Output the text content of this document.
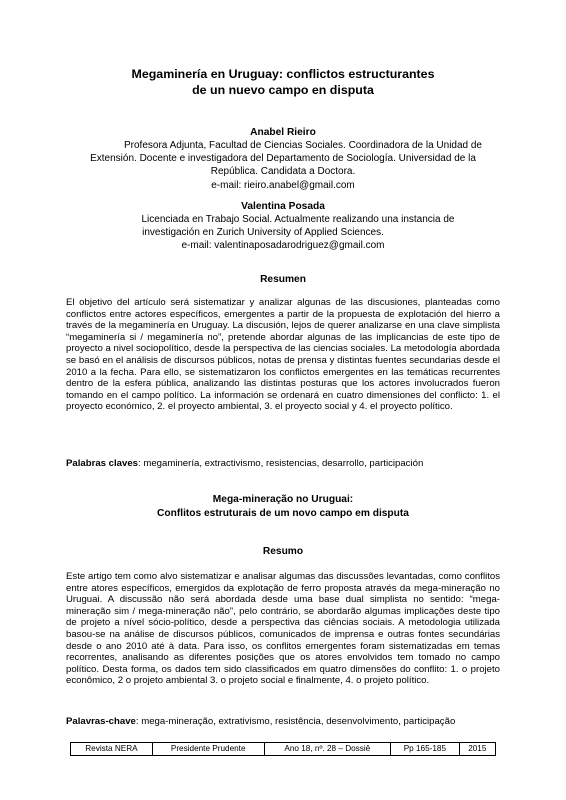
Megaminería en Uruguay: conflictos estructurantes
de un nuevo campo en disputa
Anabel Rieiro
Profesora Adjunta, Facultad de Ciencias Sociales. Coordinadora de la Unidad de
Extensión. Docente e investigadora del Departamento de Sociología. Universidad de la
República. Candidata a Doctora.
e-mail: rieiro.anabel@gmail.com
Valentina Posada
Licenciada en Trabajo Social. Actualmente realizando una instancia de
investigación en Zurich University of Applied Sciences.
e-mail: valentinaposadarodriguez@gmail.com
Resumen
El objetivo del artículo será sistematizar y analizar algunas de las discusiones, planteadas como conflictos entre actores específicos, emergentes a partir de la propuesta de explotación del hierro a través de la megaminería en Uruguay. La discusión, lejos de querer analizarse en una clave simplista “megaminería si / megaminería no”, pretende abordar algunas de las implicancias de este tipo de proyecto a nivel sociopolítico, desde la perspectiva de las ciencias sociales. La metodología abordada se basó en el análisis de discursos públicos, notas de prensa y distintas fuentes secundarias desde el 2010 a la fecha. Para ello, se sistematizaron los conflictos emergentes en las temáticas recurrentes dentro de la esfera pública, analizando las distintas posturas que los actores involucrados fueron tomando en el campo político. La información se ordenará en cuatro dimensiones del conflicto: 1. el proyecto económico, 2. el proyecto ambiental, 3. el proyecto social y 4. el proyecto político.
Palabras claves: megaminería, extractivismo, resistencias, desarrollo, participación
Mega-mineração no Uruguai:
Conflitos estruturais de um novo campo em disputa
Resumo
Este artigo tem como alvo sistematizar e analisar algumas das discussões levantadas, como conflitos entre atores específicos, emergidos da explotação de ferro proposta através da mega-mineração no Uruguai. A discussão não será abordada desde uma base dual simplista no sentido: “mega-mineração sim / mega-mineração não”, pelo contrário, se abordarão algumas implicações deste tipo de projeto a nível sócio-político, desde a perspectiva das ciências sociais. A metodologia utilizada basou-se na análise de discursos públicos, comunicados de imprensa e outras fontes secundárias desde o ano 2010 até à data. Para isso, os conflitos emergentes foram sistematizadas em temas recorrentes, analisando as diferentes posições que os atores envolvidos tem tomado no campo político. Desta forma, os dados tem sido classificados em quatro dimensões do conflito: 1. o projeto econômico, 2 o projeto ambiental 3. o projeto social e finalmente, 4. o projeto político.
Palavras-chave: mega-mineração, extrativismo, resistência, desenvolvimento, participação
Revista NERA	Presidente Prudente	Ano 18, nº. 28 – Dossiê	Pp 165-185	2015
